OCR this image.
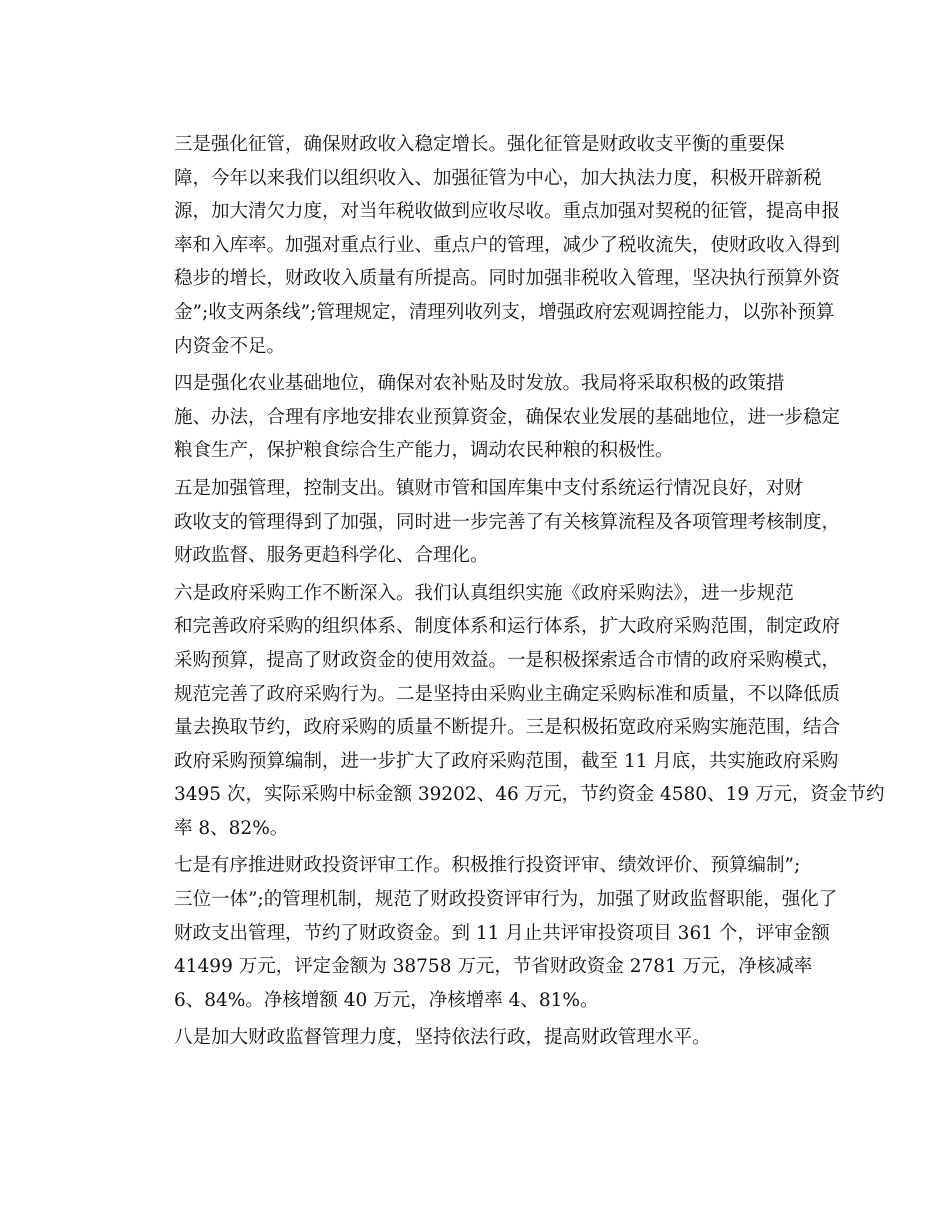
三是强化征管，确保财政收入稳定增长。强化征管是财政收支平衡的重要保
障，今年以来我们以组织收入、加强征管为中心，加大执法力度，积极开辟新税
源，加大清欠力度，对当年税收做到应收尽收。重点加强对契税的征管，提高申报
率和入库率。加强对重点行业、重点户的管理，减少了税收流失，使财政收入得到
稳步的增长，财政收入质量有所提高。同时加强非税收入管理，坚决执行预算外资
金”;收支两条线”;管理规定，清理列收列支，增强政府宏观调控能力，以弥补预算
内资金不足。

四是强化农业基础地位，确保对农补贴及时发放。我局将采取积极的政策措
施、办法，合理有序地安排农业预算资金，确保农业发展的基础地位，进一步稳定
粮食生产，保护粮食综合生产能力，调动农民种粮的积极性。

五是加强管理，控制支出。镇财市管和国库集中支付系统运行情况良好，对财
政收支的管理得到了加强，同时进一步完善了有关核算流程及各项管理考核制度，
财政监督、服务更趋科学化、合理化。

六是政府采购工作不断深入。我们认真组织实施《政府采购法》，进一步规范
和完善政府采购的组织体系、制度体系和运行体系，扩大政府采购范围，制定政府
采购预算，提高了财政资金的使用效益。一是积极探索适合市情的政府采购模式，
规范完善了政府采购行为。二是坚持由采购业主确定采购标准和质量，不以降低质
量去换取节约，政府采购的质量不断提升。三是积极拓宽政府采购实施范围，结合
政府采购预算编制，进一步扩大了政府采购范围，截至 11 月底，共实施政府采购
3495 次，实际采购中标金额 39202、46 万元，节约资金 4580、19 万元，资金节约
率 8、82%。

七是有序推进财政投资评审工作。积极推行投资评审、绩效评价、预算编制”;
三位一体”;的管理机制，规范了财政投资评审行为，加强了财政监督职能，强化了
财政支出管理，节约了财政资金。到 11 月止共评审投资项目 361 个，评审金额
41499 万元，评定金额为 38758 万元，节省财政资金 2781 万元，净核减率
6、84%。净核增额 40 万元，净核增率 4、81%。

八是加大财政监督管理力度，坚持依法行政，提高财政管理水平。
